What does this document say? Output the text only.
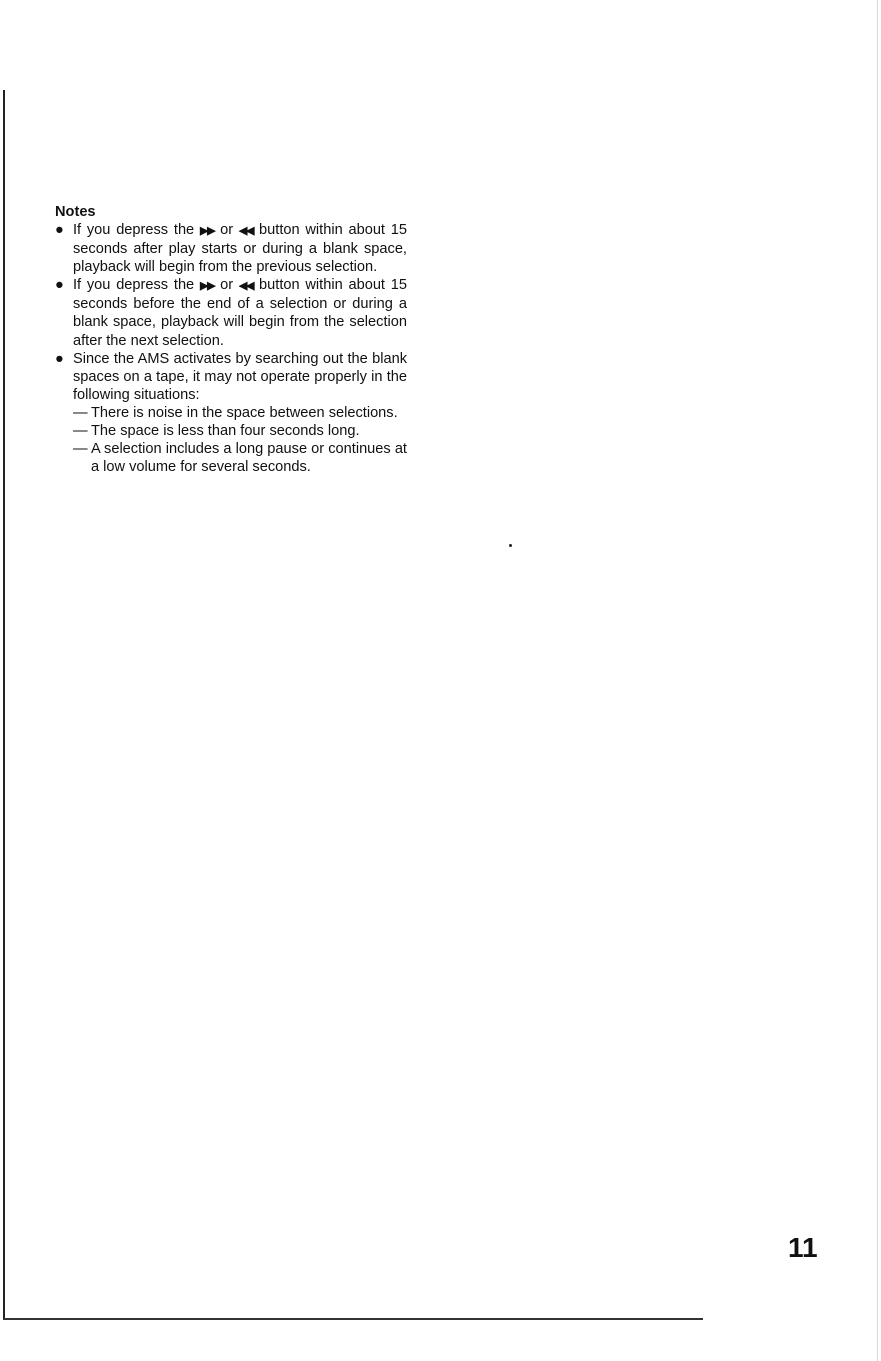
Notes
● If you depress the ▶▶ or ◀◀ button within about 15 seconds after play starts or during a blank space, playback will begin from the previous selection.
● If you depress the ▶▶ or ◀◀ button within about 15 seconds before the end of a selection or during a blank space, playback will begin from the selection after the next selection.
● Since the AMS activates by searching out the blank spaces on a tape, it may not operate properly in the following situations:
— There is noise in the space between selections.
— The space is less than four seconds long.
— A selection includes a long pause or continues at a low volume for several seconds.
11
